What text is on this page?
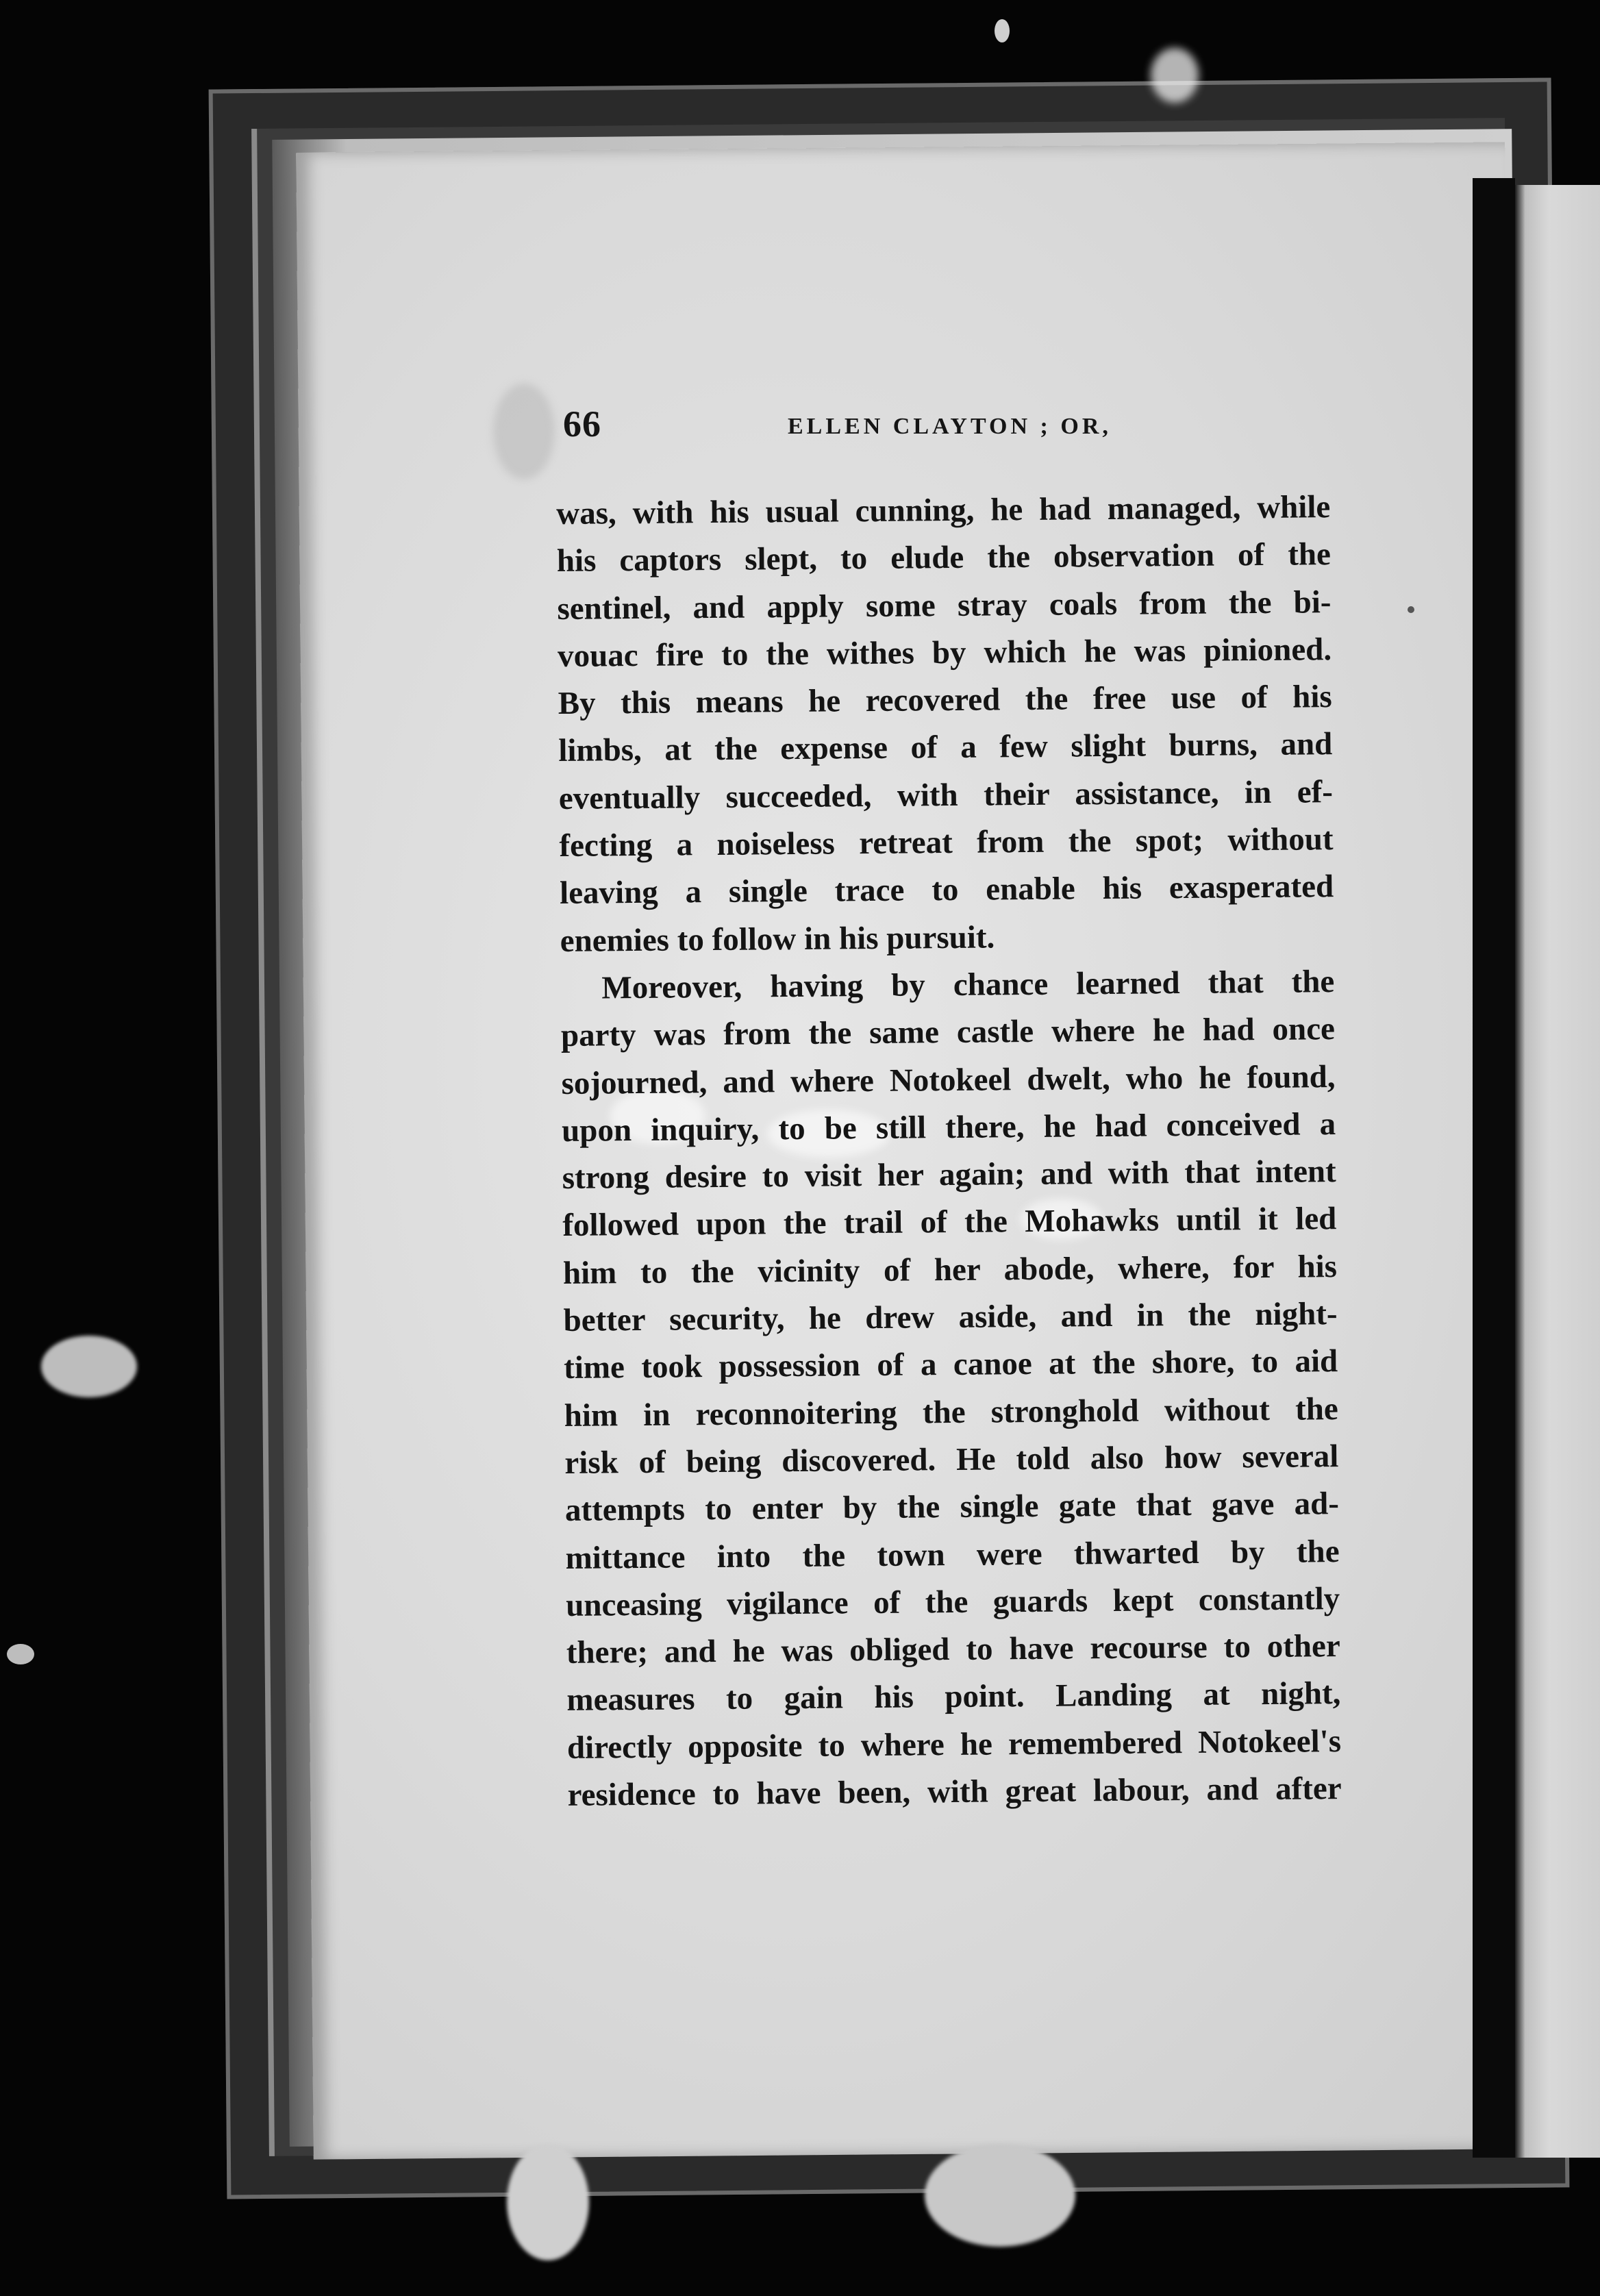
66	ELLEN CLAYTON ; OR,
was, with his usual cunning, he had managed, while
his captors slept, to elude the observation of the
sentinel, and apply some stray coals from the bi-
vouac fire to the withes by which he was pinioned.
By this means he recovered the free use of his
limbs, at the expense of a few slight burns, and
eventually succeeded, with their assistance, in ef-
fecting a noiseless retreat from the spot; without
leaving a single trace to enable his exasperated
enemies to follow in his pursuit.
Moreover, having by chance learned that the
party was from the same castle where he had once
sojourned, and where Notokeel dwelt, who he found,
upon inquiry, to be still there, he had conceived a
strong desire to visit her again; and with that intent
followed upon the trail of the Mohawks until it led
him to the vicinity of her abode, where, for his
better security, he drew aside, and in the night-
time took possession of a canoe at the shore, to aid
him in reconnoitering the stronghold without the
risk of being discovered. He told also how several
attempts to enter by the single gate that gave ad-
mittance into the town were thwarted by the
unceasing vigilance of the guards kept constantly
there; and he was obliged to have recourse to other
measures to gain his point. Landing at night,
directly opposite to where he remembered Notokeel's
residence to have been, with great labour, and after
